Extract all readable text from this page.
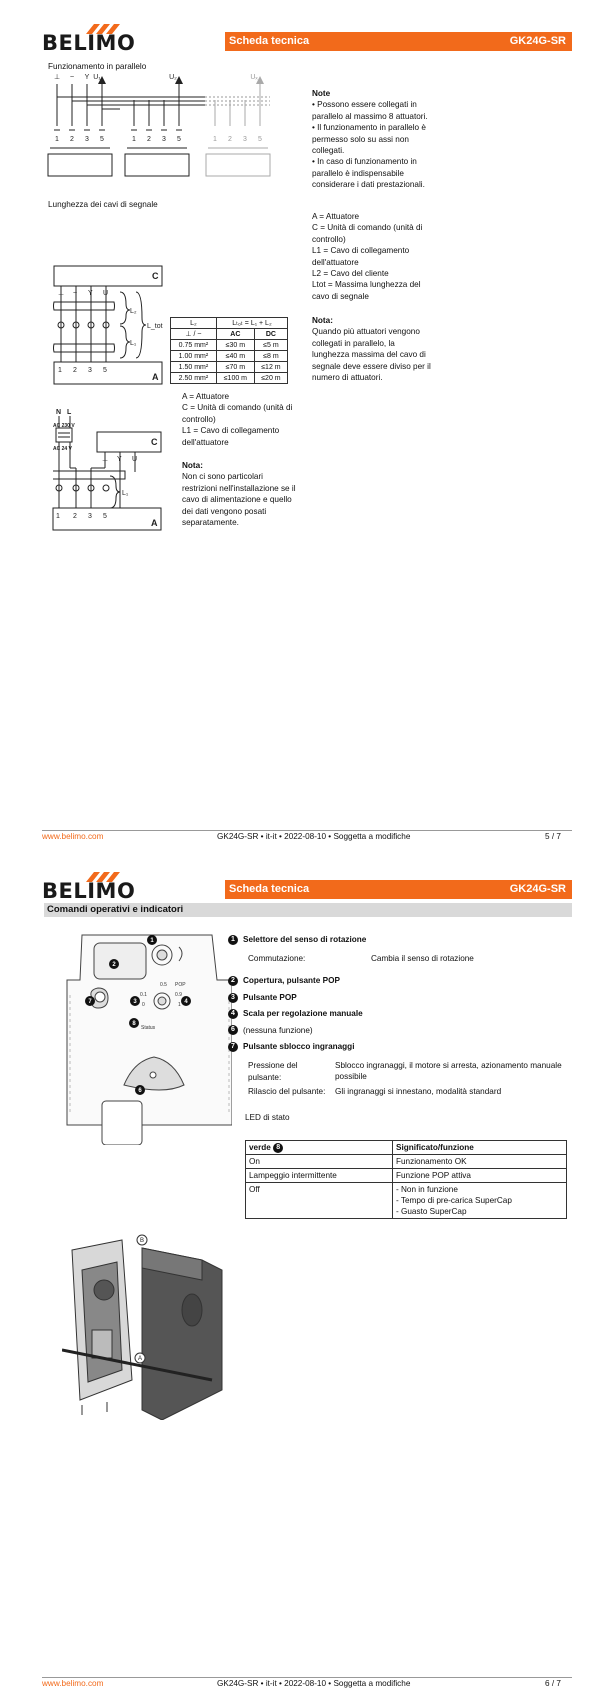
BELIMO	Scheda tecnica	GK24G-SR
Funzionamento in parallelo
⊥ ~ Y U₁	U₂	Uₓ
1 2 3 5	1 2 3 5	1 2 3 5
Lunghezza dei cavi di segnale
Note
• Possono essere collegati in
parallelo al massimo 8 attuatori.
• Il funzionamento in parallelo è
permesso solo su assi non
collegati.
• In caso di funzionamento in
parallelo è indispensabile
considerare i dati prestazionali.
A = Attuatore
C = Unità di comando (unità di
controllo)
L1 = Cavo di collegamento
dell'attuatore
L2 = Cavo del cliente
Ltot = Massima lunghezza del
cavo di segnale
Nota:
Quando più attuatori vengono
collegati in parallelo, la
lunghezza massima del cavo di
segnale deve essere diviso per il
numero di attuatori.
C
A
⊥ ~ Y U
1 2 3 5
L₂
L₁
L_tot	L₂	Lₜₒₜ = L₁ + L₂	
⊥ / ~	AC	DC
0.75 mm²	≤30 m	≤5 m
1.00 mm²	≤40 m	≤8 m
1.50 mm²	≤70 m	≤12 m
2.50 mm²	≤100 m	≤20 m
N L
AC 230 V
AC 24 V
C
A
⊥ Y U
1 2 3 5
L₁
A = Attuatore
C = Unità di comando (unità di
controllo)
L1 = Cavo di collegamento
dell'attuatore
Nota:
Non ci sono particolari
restrizioni nell'installazione se il
cavo di alimentazione e quello
dei dati vengono posati
separatamente.
www.belimo.com	GK24G-SR • it-it • 2022-08-10 • Soggetta a modifiche	5 / 7
BELIMO	Scheda tecnica	GK24G-SR
Comandi operativi e indicatori
1
2
3	4
8
6
7
Status
POP
0.5
0.1	0.9
0	1
1 Selettore del senso di rotazione
Commutazione:	Cambia il senso di rotazione
2 Copertura, pulsante POP
3 Pulsante POP
4 Scala per regolazione manuale
6 (nessuna funzione)
7 Pulsante sblocco ingranaggi
Pressione del
pulsante:
Sblocco ingranaggi, il motore si arresta, azionamento manuale
possibile
Rilascio del pulsante: Gli ingranaggi si innestano, modalità standard
LED di stato
verde 8	Significato/funzione
On	Funzionamento OK
Lampeggio intermittente	Funzione POP attiva
Off	- Non in funzione
- Tempo di pre-carica SuperCap
- Guasto SuperCap
B
A
www.belimo.com	GK24G-SR • it-it • 2022-08-10 • Soggetta a modifiche	6 / 7
